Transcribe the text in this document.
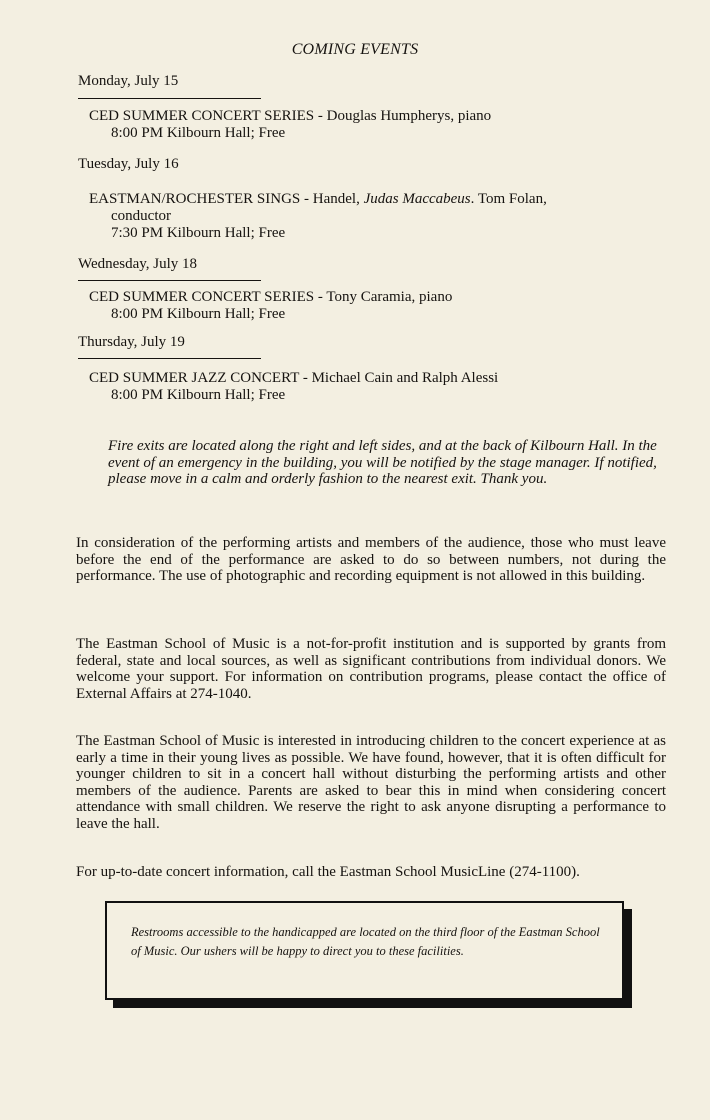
COMING EVENTS
Monday, July 15
CED SUMMER CONCERT SERIES - Douglas Humpherys, piano
8:00 PM Kilbourn Hall; Free
Tuesday, July 16
EASTMAN/ROCHESTER SINGS - Handel, Judas Maccabeus. Tom Folan,
conductor
7:30 PM Kilbourn Hall; Free
Wednesday, July 18
CED SUMMER CONCERT SERIES - Tony Caramia, piano
8:00 PM Kilbourn Hall; Free
Thursday, July 19
CED SUMMER JAZZ CONCERT - Michael Cain and Ralph Alessi
8:00 PM Kilbourn Hall; Free
Fire exits are located along the right and left sides, and at the back of Kilbourn Hall. In the event of an emergency in the building, you will be notified by the stage manager. If notified, please move in a calm and orderly fashion to the nearest exit. Thank you.
In consideration of the performing artists and members of the audience, those who must leave before the end of the performance are asked to do so between numbers, not during the performance. The use of photographic and recording equipment is not allowed in this building.
The Eastman School of Music is a not-for-profit institution and is supported by grants from federal, state and local sources, as well as significant contributions from individual donors. We welcome your support. For information on contribution programs, please contact the office of External Affairs at 274-1040.
The Eastman School of Music is interested in introducing children to the concert experience at as early a time in their young lives as possible. We have found, however, that it is often difficult for younger children to sit in a concert hall without disturbing the performing artists and other members of the audience. Parents are asked to bear this in mind when considering concert attendance with small children. We reserve the right to ask anyone disrupting a performance to leave the hall.
For up-to-date concert information, call the Eastman School MusicLine (274-1100).
Restrooms accessible to the handicapped are located on the third floor of the Eastman School of Music. Our ushers will be happy to direct you to these facilities.
